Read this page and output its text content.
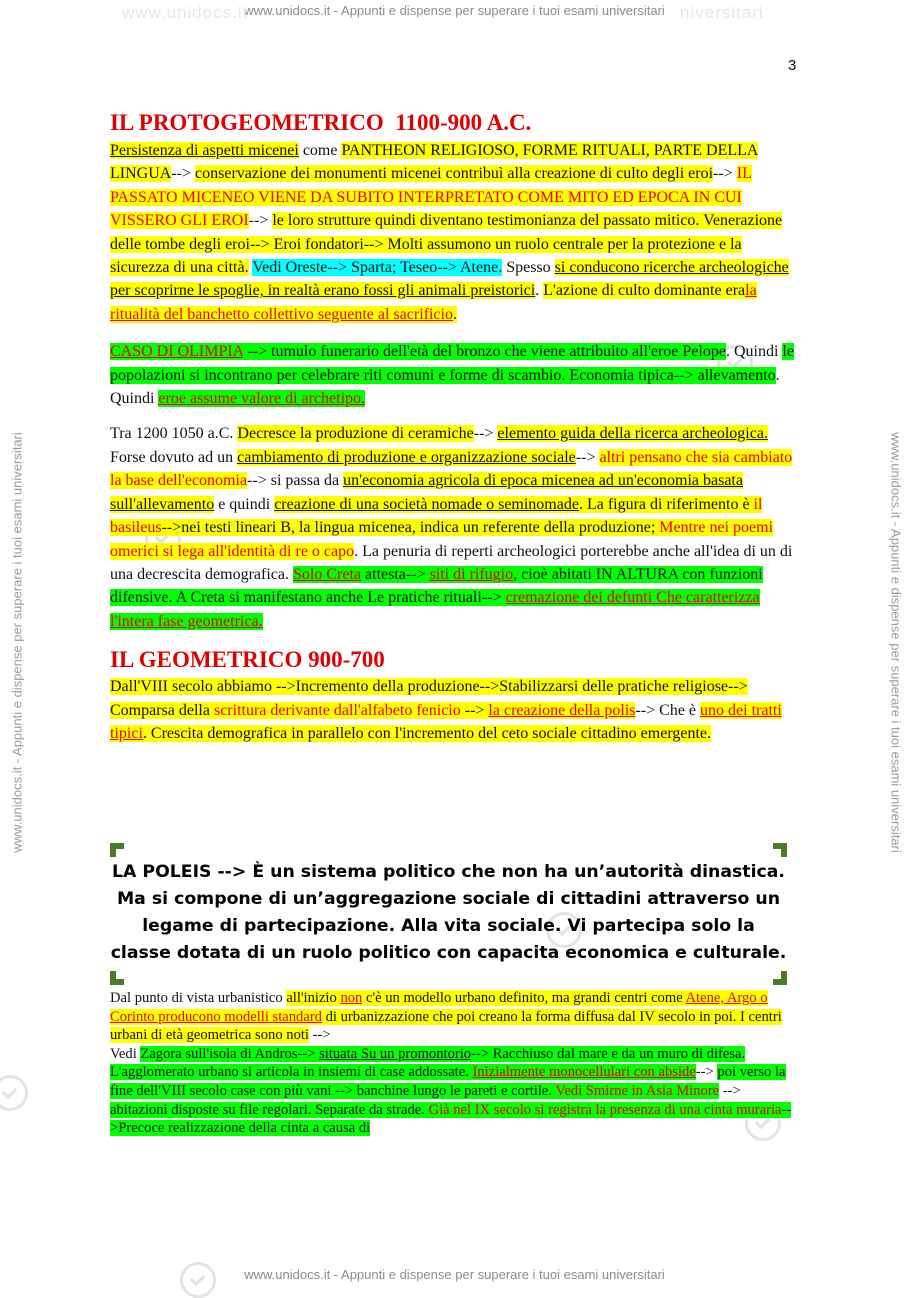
www.unidocs.it - Appunti e dispense per superare i tuoi esami universitari
www.unidocs.it	niversitari
www.unidocs.it - Appunti e dispense per superare i tuoi esami universitari
www.unidocs.it - Appunti e dispense per superare i tuoi esami universitari	www.unidocs.it - Appunti e dispense per superare i tuoi esami universitari
3
IL PROTOGEOMETRICO  1100-900 A.C.

Persistenza di aspetti micenei come PANTHEON RELIGIOSO, FORME RITUALI, PARTE DELLA LINGUA--> conservazione dei monumenti micenei contribuì alla creazione di culto degli eroi--> IL PASSATO MICENEO VIENE DA SUBITO INTERPRETATO COME MITO ED EPOCA IN CUI VISSERO GLI EROI--> le loro strutture quindi diventano testimonianza del passato mitico. Venerazione delle tombe degli eroi--> Eroi fondatori--> Molti assumono un ruolo centrale per la protezione e la sicurezza di una città. Vedi Oreste--> Sparta; Teseo--> Atene. Spesso si conducono ricerche archeologiche per scoprirne le spoglie, in realtà erano fossi gli animali preistorici. L'azione di culto dominante erala ritualità del banchetto collettivo seguente al sacrificio.

CASO DI OLIMPIA --> tumulo funerario dell'età del bronzo che viene attribuito all'eroe Pelope. Quindi le popolazioni si incontrano per celebrare riti comuni e forme di scambio. Economia tipica--> allevamento. Quindi eroe assume valore di archetipo.

Tra 1200 1050 a.C. Decresce la produzione di ceramiche--> elemento guida della ricerca archeologica. Forse dovuto ad un cambiamento di produzione e organizzazione sociale--> altri pensano che sia cambiato la base dell'economia--> si passa da un'economia agricola di epoca micenea ad un'economia basata sull'allevamento e quindi creazione di una società nomade o seminomade. La figura di riferimento è il basileus-->nei testi lineari B, la lingua micenea, indica un referente della produzione; Mentre nei poemi omerici si lega all'identità di re o capo. La penuria di reperti archeologici porterebbe anche all'idea di un di una decrescita demografica. Solo Creta attesta--> siti di rifugio, cioè abitati IN ALTURA con funzioni difensive. A Creta si manifestano anche Le pratiche rituali--> cremazione dei defunti Che caratterizza l'intera fase geometrica.

IL GEOMETRICO 900-700

Dall'VIII secolo abbiamo -->Incremento della produzione-->Stabilizzarsi delle pratiche religiose--> Comparsa della scrittura derivante dall'alfabeto fenicio --> la creazione della polis--> Che è uno dei tratti tipici. Crescita demografica in parallelo con l'incremento del ceto sociale cittadino emergente.

LA POLEIS --> È un sistema politico che non ha un’autorità dinastica. Ma si compone di un’aggregazione sociale di cittadini attraverso un legame di partecipazione. Alla vita sociale. Vi partecipa solo la classe dotata di un ruolo politico con capacita economica e culturale.

Dal punto di vista urbanistico all'inizio non c'è un modello urbano definito, ma grandi centri come Atene, Argo o Corinto producono modelli standard di urbanizzazione che poi creano la forma diffusa dal IV secolo in poi. I centri urbani di età geometrica sono noti -->

Vedi Zagora sull'isola di Andros--> situata Su un promontorio--> Racchiuso dal mare e da un muro di difesa. L'agglomerato urbano si articola in insiemi di case addossate. Inizialmente monocellulari con abside--> poi verso la fine dell'VIII secolo case con più vani --> banchine lungo le pareti e cortile. Vedi Smirne in Asia Minore --> abitazioni disposte su file regolari. Separate da strade. Già nel IX secolo si registra la presenza di una cinta muraria-->Precoce realizzazione della cinta a causa di
